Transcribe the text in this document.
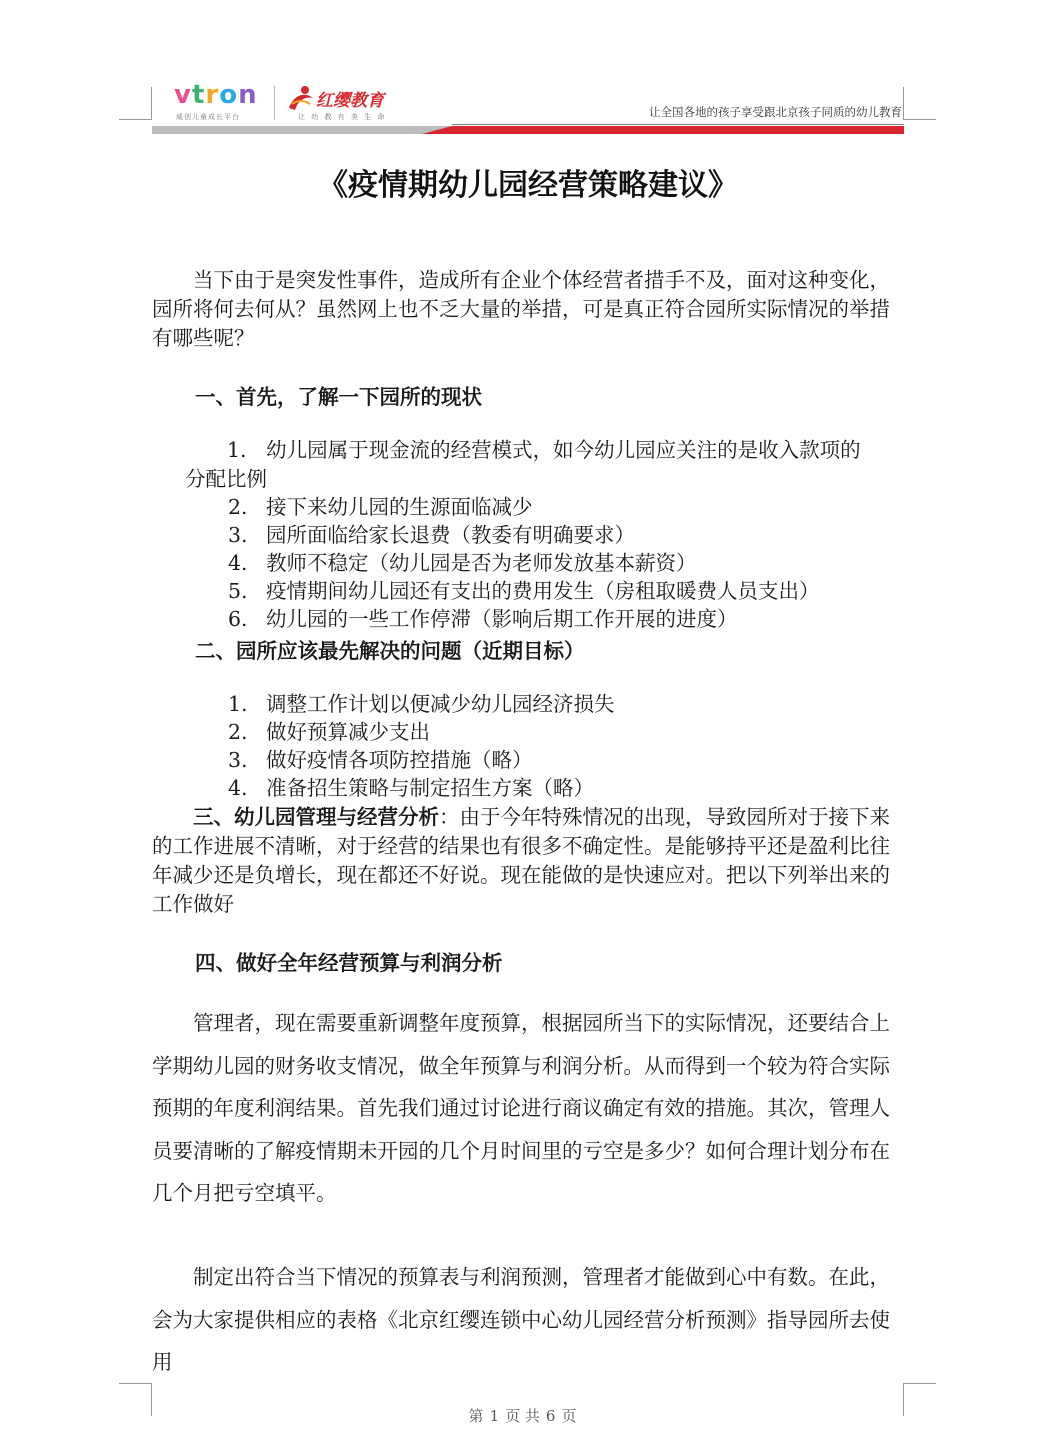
vtron
威创儿童成长平台
红缨教育
让 幼 教 有 美 生 命	让全国各地的孩子享受跟北京孩子同质的幼儿教育
《疫情期幼儿园经营策略建议》

当下由于是突发性事件，造成所有企业个体经营者措手不及，面对这种变化，园所将何去何从？虽然网上也不乏大量的举措，可是真正符合园所实际情况的举措有哪些呢？

一、首先，了解一下园所的现状

1. 幼儿园属于现金流的经营模式，如今幼儿园应关注的是收入款项的
分配比例
2. 接下来幼儿园的生源面临减少
3. 园所面临给家长退费（教委有明确要求）
4. 教师不稳定（幼儿园是否为老师发放基本薪资）
5. 疫情期间幼儿园还有支出的费用发生（房租取暖费人员支出）
6. 幼儿园的一些工作停滞（影响后期工作开展的进度）

二、园所应该最先解决的问题（近期目标）

1. 调整工作计划以便减少幼儿园经济损失
2. 做好预算减少支出
3. 做好疫情各项防控措施（略）
4. 准备招生策略与制定招生方案（略）

三、幼儿园管理与经营分析：由于今年特殊情况的出现，导致园所对于接下来的工作进展不清晰，对于经营的结果也有很多不确定性。是能够持平还是盈利比往年减少还是负增长，现在都还不好说。现在能做的是快速应对。把以下列举出来的工作做好

四、做好全年经营预算与利润分析

管理者，现在需要重新调整年度预算，根据园所当下的实际情况，还要结合上学期幼儿园的财务收支情况，做全年预算与利润分析。从而得到一个较为符合实际预期的年度利润结果。首先我们通过讨论进行商议确定有效的措施。其次，管理人员要清晰的了解疫情期未开园的几个月时间里的亏空是多少？如何合理计划分布在几个月把亏空填平。

制定出符合当下情况的预算表与利润预测，管理者才能做到心中有数。在此，会为大家提供相应的表格《北京红缨连锁中心幼儿园经营分析预测》指导园所去使用

第 1 页 共 6 页
